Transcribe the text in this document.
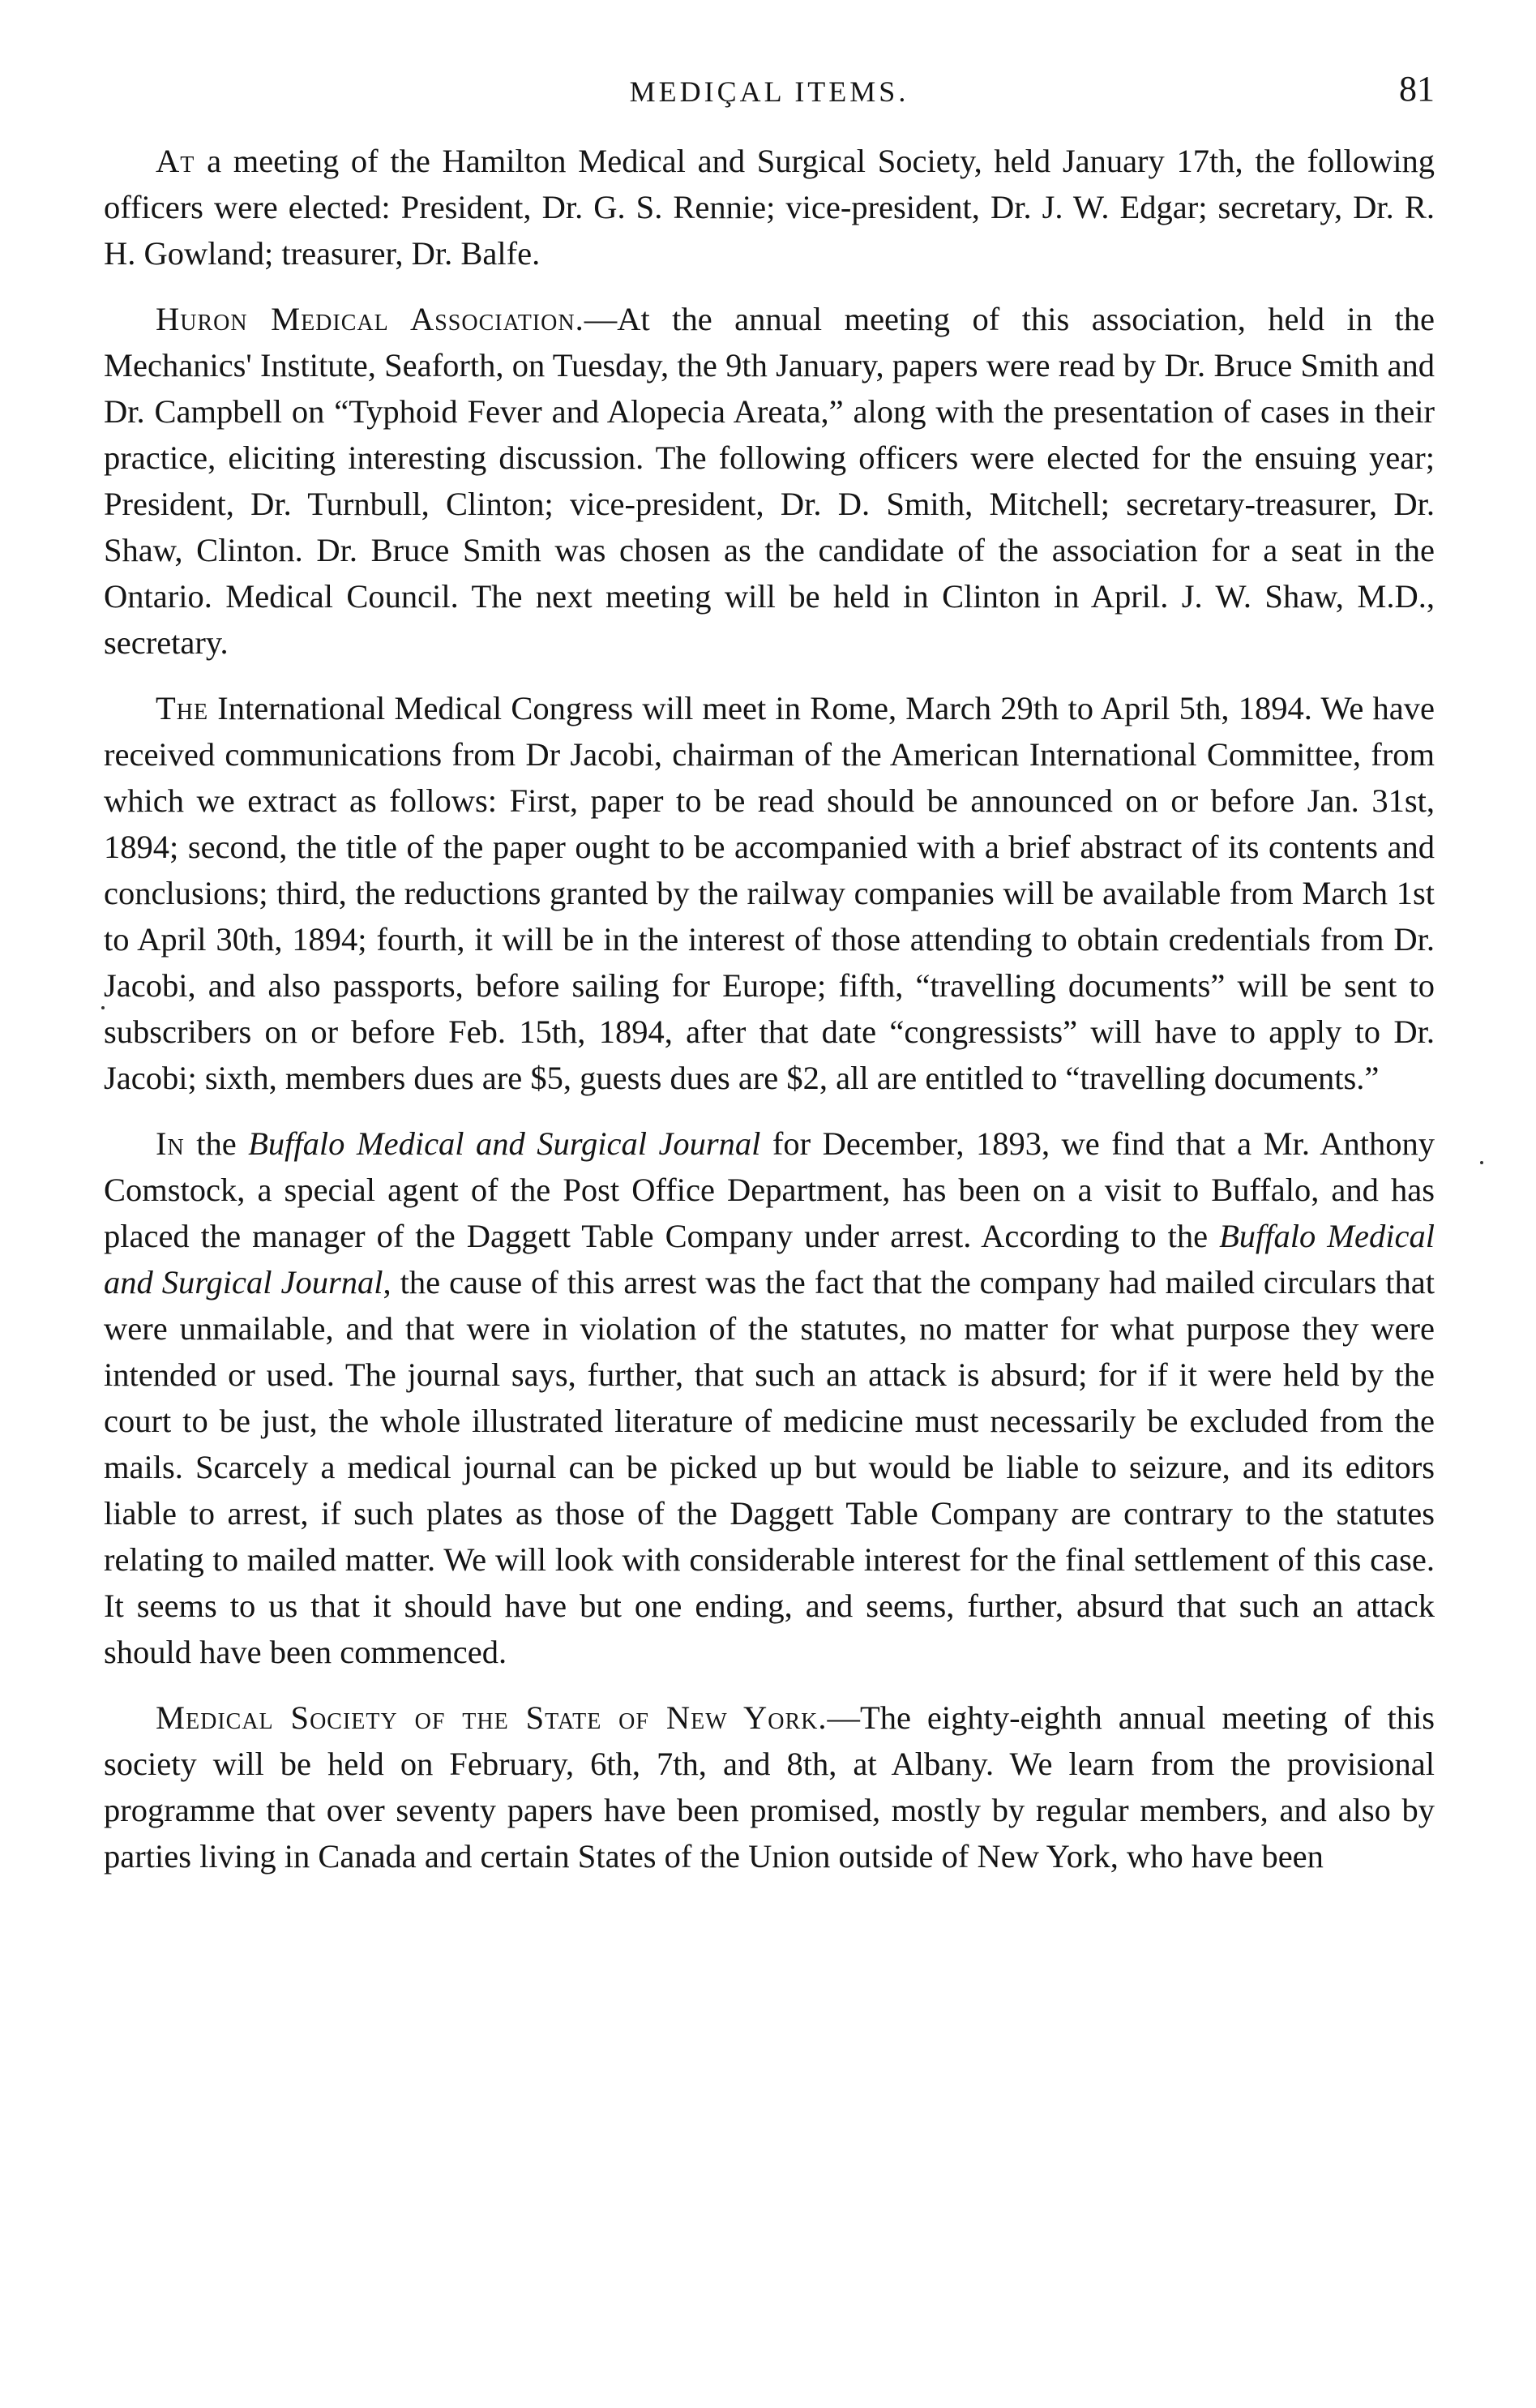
MEDIÇAL ITEMS.	81

At a meeting of the Hamilton Medical and Surgical Society, held January 17th, the following officers were elected: President, Dr. G. S. Rennie; vice-president, Dr. J. W. Edgar; secretary, Dr. R. H. Gowland; treasurer, Dr. Balfe.

Huron Medical Association.—At the annual meeting of this association, held in the Mechanics' Institute, Seaforth, on Tuesday, the 9th January, papers were read by Dr. Bruce Smith and Dr. Campbell on “Typhoid Fever and Alopecia Areata,” along with the presentation of cases in their practice, eliciting interesting discussion. The following officers were elected for the ensuing year; President, Dr. Turnbull, Clinton; vice-president, Dr. D. Smith, Mitchell; secretary-treasurer, Dr. Shaw, Clinton. Dr. Bruce Smith was chosen as the candidate of the association for a seat in the Ontario. Medical Council. The next meeting will be held in Clinton in April. J. W. Shaw, M.D., secretary.

The International Medical Congress will meet in Rome, March 29th to April 5th, 1894. We have received communications from Dr Jacobi, chairman of the American International Committee, from which we extract as follows: First, paper to be read should be announced on or before Jan. 31st, 1894; second, the title of the paper ought to be accompanied with a brief abstract of its contents and conclusions; third, the reductions granted by the railway companies will be available from March 1st to April 30th, 1894; fourth, it will be in the interest of those attending to obtain credentials from Dr. Jacobi, and also passports, before sailing for Europe; fifth, “travelling documents” will be sent to subscribers on or before Feb. 15th, 1894, after that date “congressists” will have to apply to Dr. Jacobi; sixth, members dues are $5, guests dues are $2, all are entitled to “travelling documents.”

In the Buffalo Medical and Surgical Journal for December, 1893, we find that a Mr. Anthony Comstock, a special agent of the Post Office Department, has been on a visit to Buffalo, and has placed the manager of the Daggett Table Company under arrest. According to the Buffalo Medical and Surgical Journal, the cause of this arrest was the fact that the company had mailed circulars that were unmailable, and that were in violation of the statutes, no matter for what purpose they were intended or used. The journal says, further, that such an attack is absurd; for if it were held by the court to be just, the whole illustrated literature of medicine must necessarily be excluded from the mails. Scarcely a medical journal can be picked up but would be liable to seizure, and its editors liable to arrest, if such plates as those of the Daggett Table Company are contrary to the statutes relating to mailed matter. We will look with considerable interest for the final settlement of this case. It seems to us that it should have but one ending, and seems, further, absurd that such an attack should have been commenced.

Medical Society of the State of New York.—The eighty-eighth annual meeting of this society will be held on February, 6th, 7th, and 8th, at Albany. We learn from the provisional programme that over seventy papers have been promised, mostly by regular members, and also by parties living in Canada and certain States of the Union outside of New York, who have been
